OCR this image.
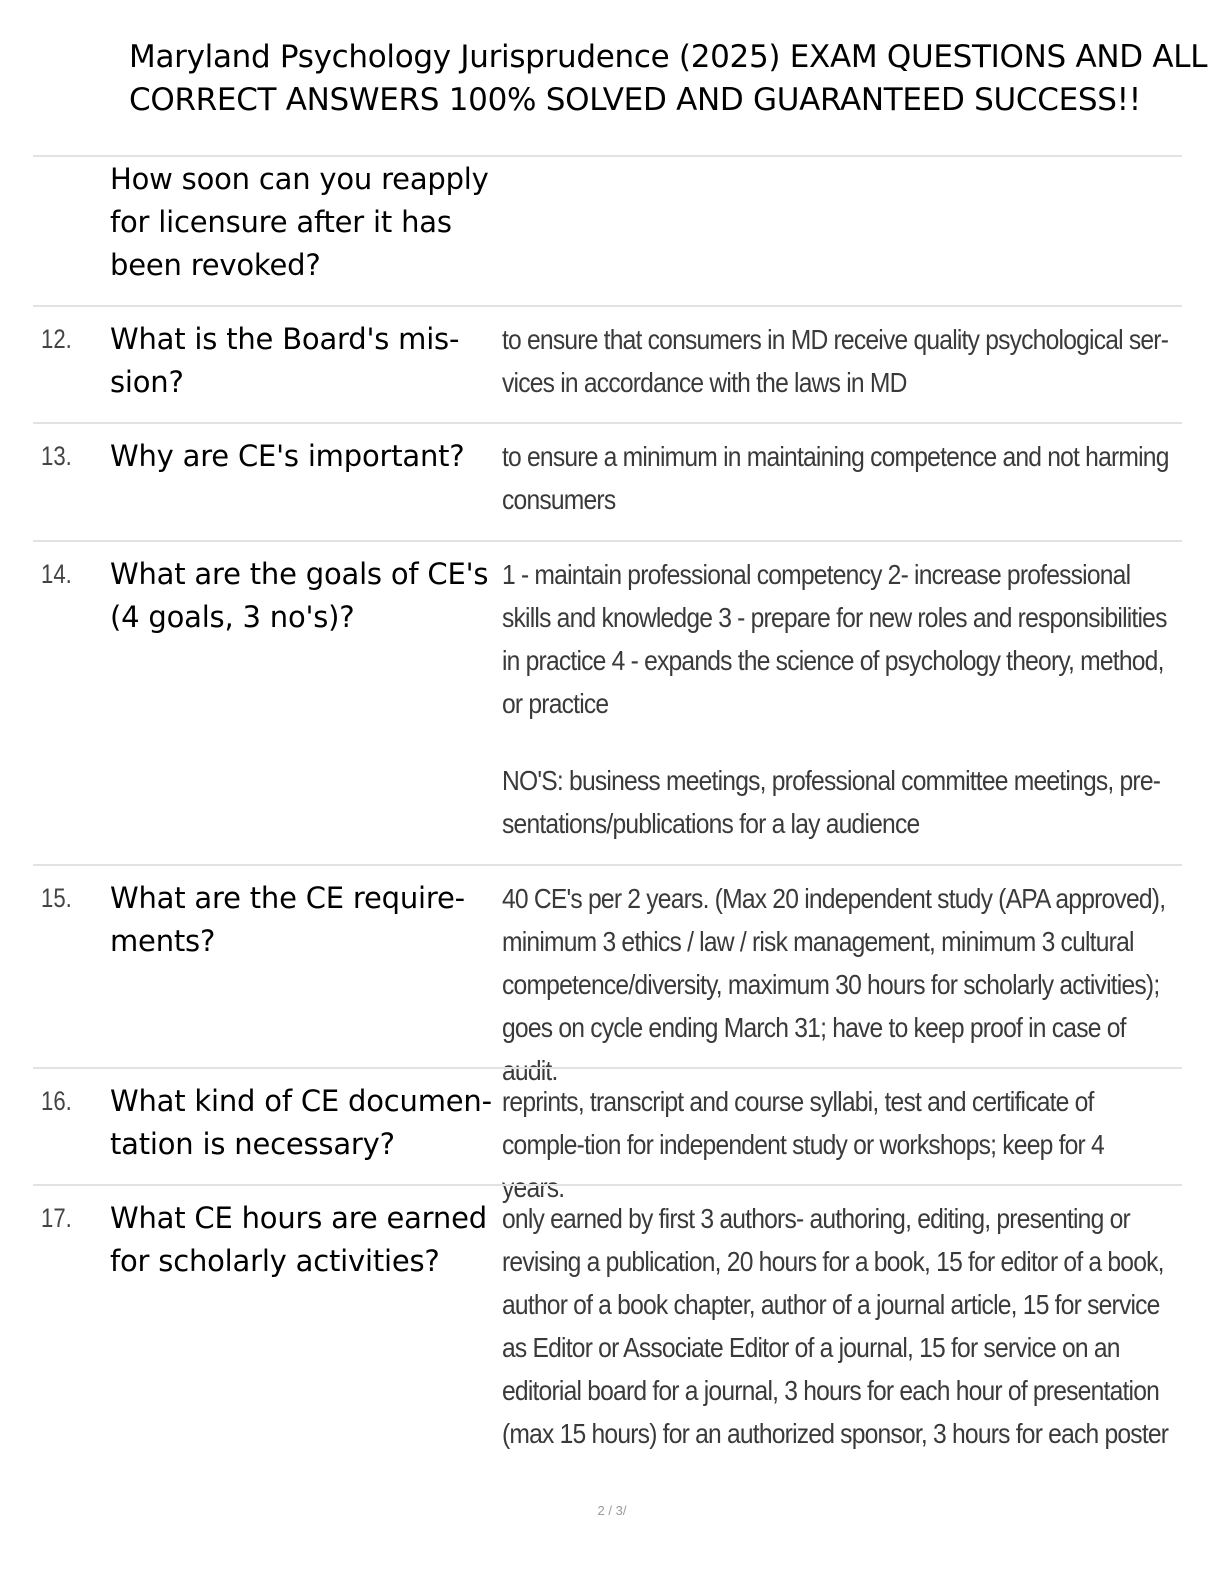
Maryland Psychology Jurisprudence (2025) EXAM QUESTIONS AND ALL CORRECT ANSWERS 100% SOLVED AND GUARANTEED SUCCESS!!
How soon can you reapply for licensure after it has been revoked?
12. What is the Board's mis-sion?

to ensure that consumers in MD receive quality psychological ser-vices in accordance with the laws in MD

13. Why are CE's important?	to ensure a minimum in maintaining competence and not harming consumers

14. What are the goals of CE's (4 goals, 3 no's)?

1 - maintain professional competency 2- increase professional skills and knowledge 3 - prepare for new roles and responsibilities in practice 4 - expands the science of psychology theory, method, or practice

NO'S: business meetings, professional committee meetings, pre-sentations/publications for a lay audience

15. What are the CE require-ments?

40 CE's per 2 years. (Max 20 independent study (APA approved), minimum 3 ethics / law / risk management, minimum 3 cultural competence/diversity, maximum 30 hours for scholarly activities); goes on cycle ending March 31; have to keep proof in case of audit.

16. What kind of CE documen-tation is necessary?

reprints, transcript and course syllabi, test and certificate of comple-tion for independent study or workshops; keep for 4 years.

17. What CE hours are earned for scholarly activities?

only earned by first 3 authors- authoring, editing, presenting or revising a publication, 20 hours for a book, 15 for editor of a book, author of a book chapter, author of a journal article, 15 for service as Editor or Associate Editor of a journal, 15 for service on an editorial board for a journal, 3 hours for each hour of presentation (max 15 hours) for an authorized sponsor, 3 hours for each poster

2 / 3/
